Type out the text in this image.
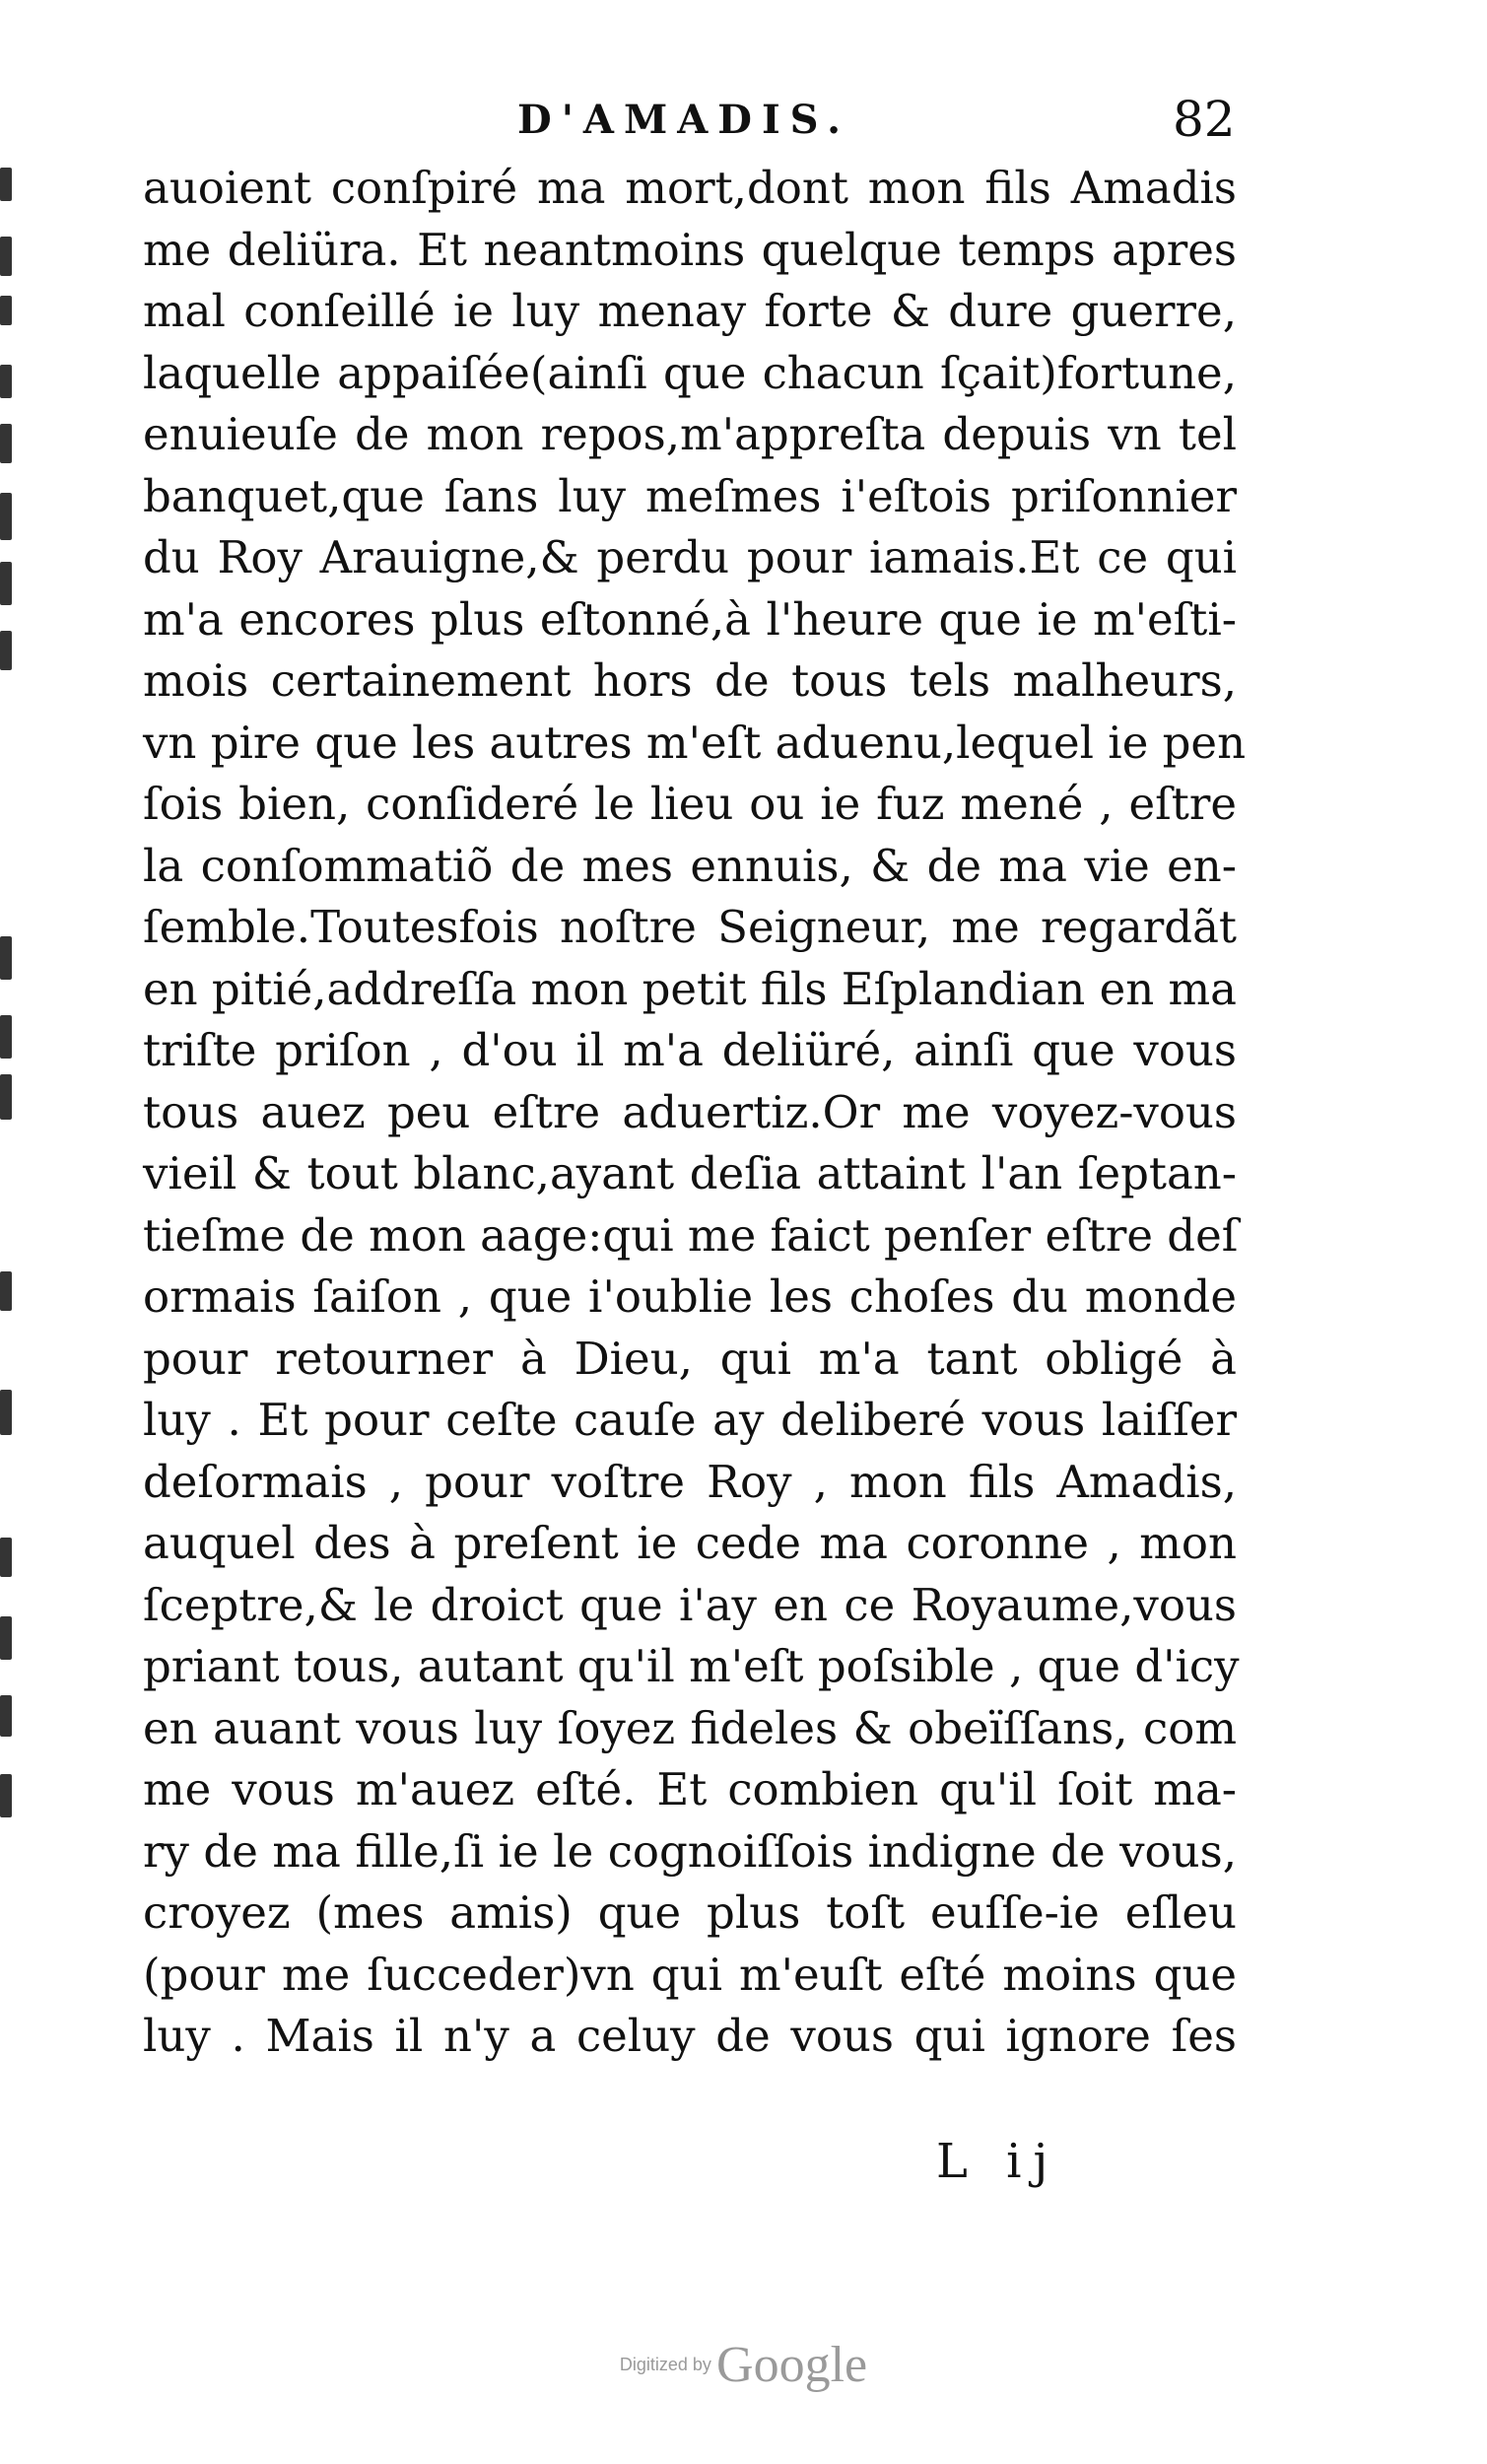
D'AMADIS.	82
auoient conſpiré ma mort,dont mon fils Amadis
me deliüra. Et neantmoins quelque temps apres
mal conſeillé ie luy menay forte & dure guerre,
laquelle appaiſée(ainſi que chacun ſçait)fortune,
enuieuſe de mon repos,m'appreſta depuis vn tel
banquet,que ſans luy meſmes i'eſtois priſonnier
du Roy Arauigne,& perdu pour iamais.Et ce qui
m'a encores plus eſtonné,à l'heure que ie m'eſti-
mois certainement hors de tous tels malheurs,
vn pire que les autres m'eſt aduenu,lequel ie pen
ſois bien, conſideré le lieu ou ie fuz mené , eſtre
la conſommatiõ de mes ennuis, & de ma vie en-
ſemble.Toutesfois noſtre Seigneur, me regardãt
en pitié,addreſſa mon petit fils Eſplandian en ma
triſte priſon , d'ou il m'a deliüré, ainſi que vous
tous auez peu eſtre aduertiz.Or me voyez-vous
vieil & tout blanc,ayant deſia attaint l'an ſeptan-
tieſme de mon aage:qui me faict penſer eſtre deſ
ormais ſaiſon , que i'oublie les choſes du monde
pour retourner à Dieu, qui m'a tant obligé à
luy . Et pour ceſte cauſe ay deliberé vous laiſſer
deſormais , pour voſtre Roy , mon fils Amadis,
auquel des à preſent ie cede ma coronne , mon
ſceptre,& le droict que i'ay en ce Royaume,vous
priant tous, autant qu'il m'eſt poſsible , que d'icy
en auant vous luy ſoyez fideles & obeïſſans, com
me vous m'auez eſté. Et combien qu'il ſoit ma-
ry de ma fille,ſi ie le cognoiſſois indigne de vous,
croyez (mes amis) que plus toſt euſſe-ie eſleu
(pour me ſucceder)vn qui m'euſt eſté moins que
luy . Mais il n'y a celuy de vous qui ignore ſes
L ij
Digitized by Google
